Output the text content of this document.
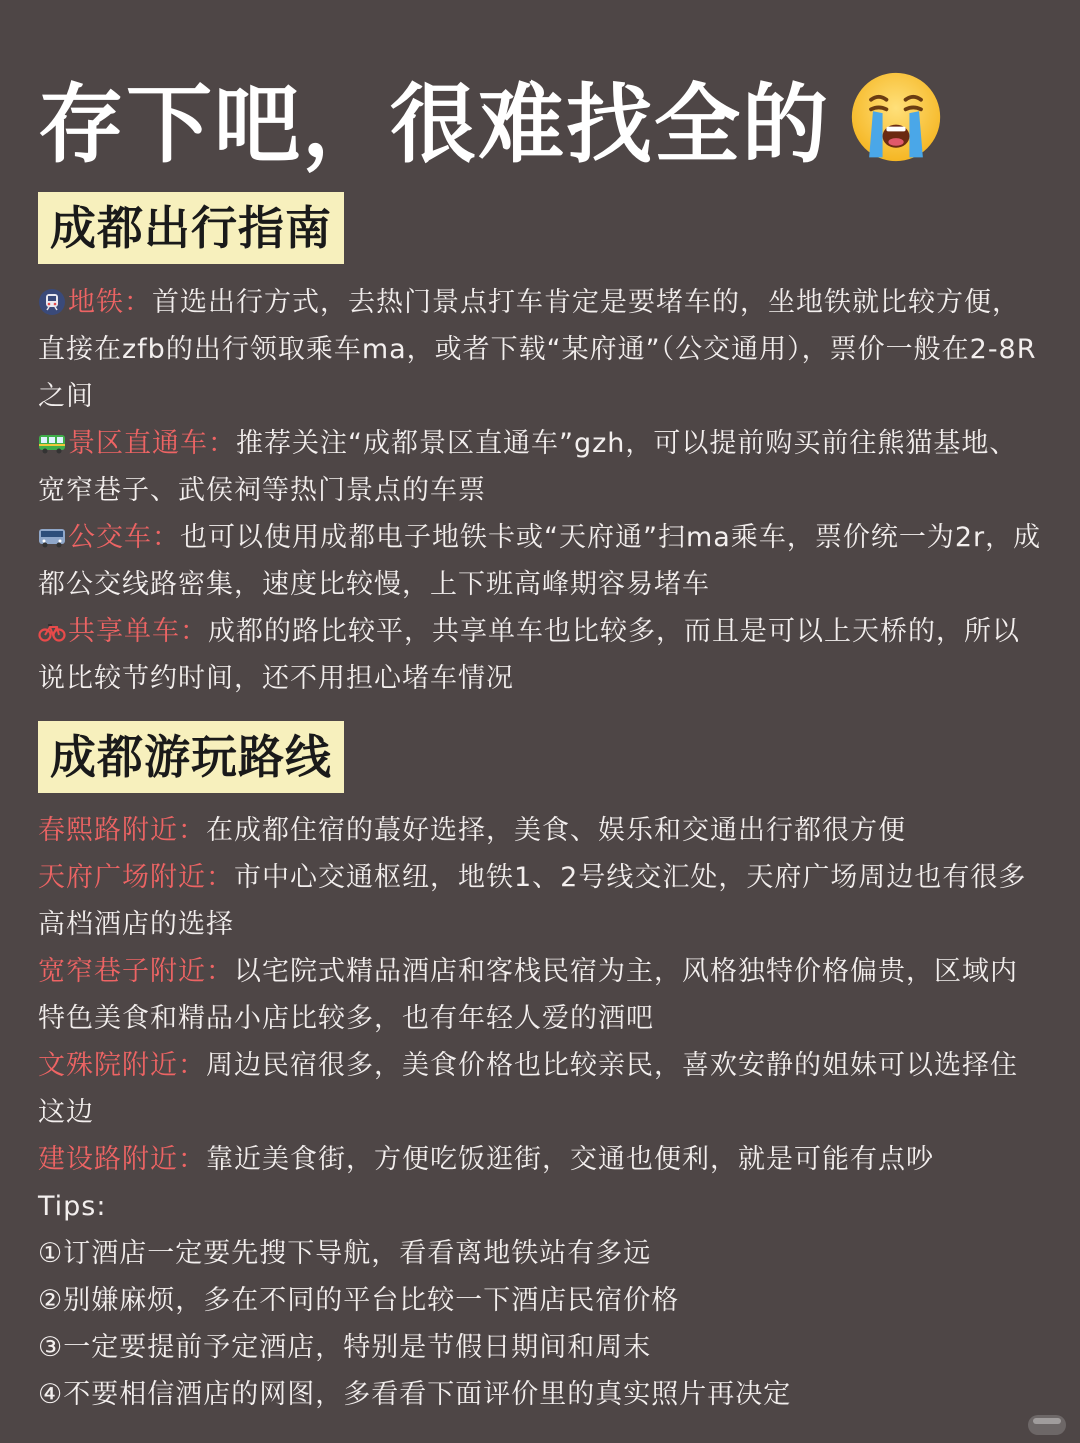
存下吧，很难找全的
成都出行指南

地铁：首选出行方式，去热门景点打车肯定是要堵车的，坐地铁就比较方便，直接在zfb的出行领取乘车ma，或者下载“某府通”（公交通用），票价一般在2-8R之间

景区直通车：推荐关注“成都景区直通车”gzh，可以提前购买前往熊猫基地、宽窄巷子、武侯祠等热门景点的车票

公交车：也可以使用成都电子地铁卡或“天府通”扫ma乘车，票价统一为2r，成都公交线路密集，速度比较慢，上下班高峰期容易堵车

共享单车：成都的路比较平，共享单车也比较多，而且是可以上天桥的，所以说比较节约时间，还不用担心堵车情况

成都游玩路线

春熙路附近：在成都住宿的蕞好选择，美食、娱乐和交通出行都很方便

天府广场附近：市中心交通枢纽，地铁1、2号线交汇处，天府广场周边也有很多高档酒店的选择

宽窄巷子附近：以宅院式精品酒店和客栈民宿为主，风格独特价格偏贵，区域内特色美食和精品小店比较多，也有年轻人爱的酒吧

文殊院附近：周边民宿很多，美食价格也比较亲民，喜欢安静的姐妹可以选择住这边

建设路附近：靠近美食街，方便吃饭逛街，交通也便利，就是可能有点吵

Tips:

①订酒店一定要先搜下导航，看看离地铁站有多远

②别嫌麻烦，多在不同的平台比较一下酒店民宿价格

③一定要提前予定酒店，特别是节假日期间和周末

④不要相信酒店的网图，多看看下面评价里的真实照片再决定
